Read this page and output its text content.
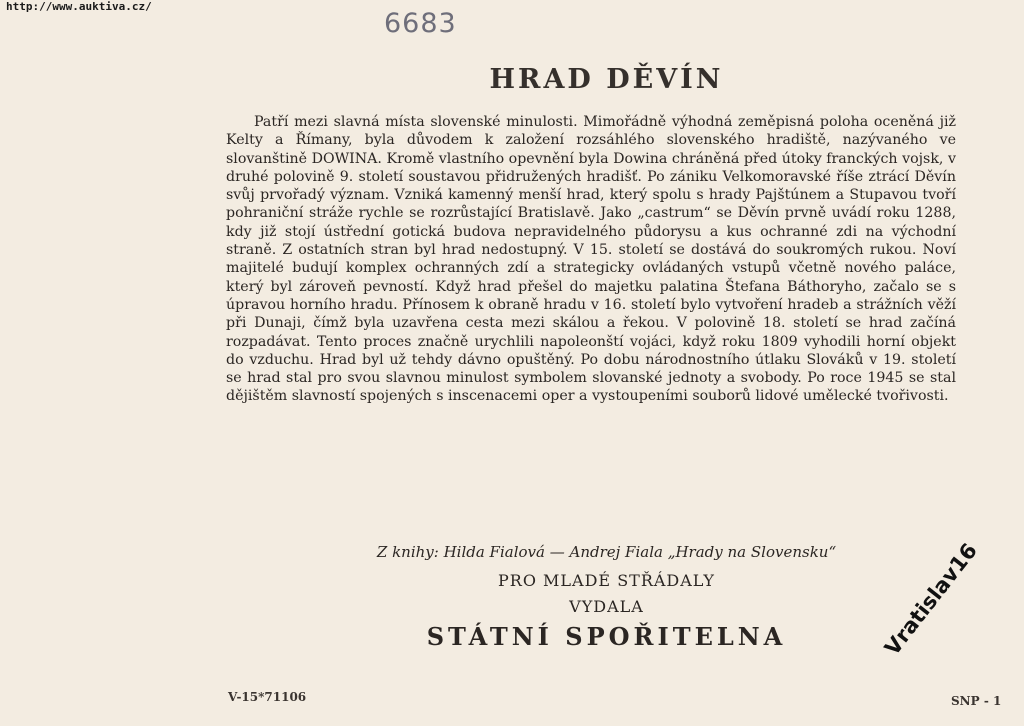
http://www.auktiva.cz/
6683
HRAD DĚVÍN
Patří mezi slavná místa slovenské minulosti. Mimořádně výhodná zeměpisná poloha oceněná již Kelty a Římany, byla důvodem k založení rozsáhlého slovenského hradiště, nazývaného ve slovanštině DOWINA. Kromě vlastního opevnění byla Dowina chráněná před útoky franckých vojsk, v druhé polovině 9. století soustavou přidružených hradišť. Po zániku Velkomoravské říše ztrácí Děvín svůj prvořadý význam. Vzniká kamenný menší hrad, který spolu s hrady Pajštúnem a Stupavou tvoří pohraniční stráže rychle se rozrůstající Bratislavě. Jako „castrum“ se Děvín prvně uvádí roku 1288, kdy již stojí ústřední gotická budova nepravidelného půdorysu a kus ochranné zdi na východní straně. Z ostatních stran byl hrad nedostupný. V 15. století se dostává do soukromých rukou. Noví majitelé budují komplex ochranných zdí a strategicky ovládaných vstupů včetně nového paláce, který byl zároveň pevností. Když hrad přešel do majetku palatina Štefana Báthoryho, začalo se s úpravou horního hradu. Přínosem k obraně hradu v 16. století bylo vytvoření hradeb a strážních věží při Dunaji, čímž byla uzavřena cesta mezi skálou a řekou. V polovině 18. století se hrad začíná rozpadávat. Tento proces značně urychlili napoleonští vojáci, když roku 1809 vyhodili horní objekt do vzduchu. Hrad byl už tehdy dávno opuštěný. Po dobu národnostního útlaku Slováků v 19. století se hrad stal pro svou slavnou minulost symbolem slovanské jednoty a svobody. Po roce 1945 se stal dějištěm slavností spojených s inscenacemi oper a vystoupeními souborů lidové umělecké tvořivosti.
Z knihy: Hilda Fialová — Andrej Fiala „Hrady na Slovensku“
PRO MLADÉ STŘÁDALY
VYDALA
STÁTNÍ SPOŘITELNA
V-15*71106	SNP - 1
Vratislav16
